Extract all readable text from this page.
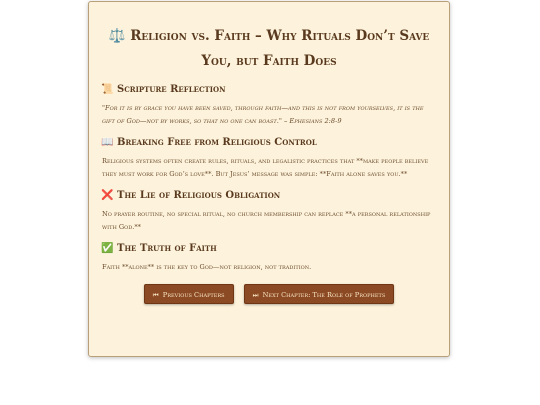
⚖️ Religion vs. Faith – Why Rituals Don’t Save You, but Faith Does
📜 Scripture Reflection

"For it is by grace you have been saved, through faith—and this is not from yourselves, it is the gift of God—not by works, so that no one can boast." – Ephesians 2:8-9

📖 Breaking Free from Religious Control

Religious systems often create rules, rituals, and legalistic practices that **make people believe they must work for God’s love**. But Jesus’ message was simple: **Faith alone saves you.**

❌ The Lie of Religious Obligation

No prayer routine, no special ritual, no church membership can replace **a personal relationship with God.**

✅ The Truth of Faith

Faith **alone** is the key to God—not religion, not tradition.

⏮ Previous Chapters	⏭ Next Chapter: The Role of Prophets
